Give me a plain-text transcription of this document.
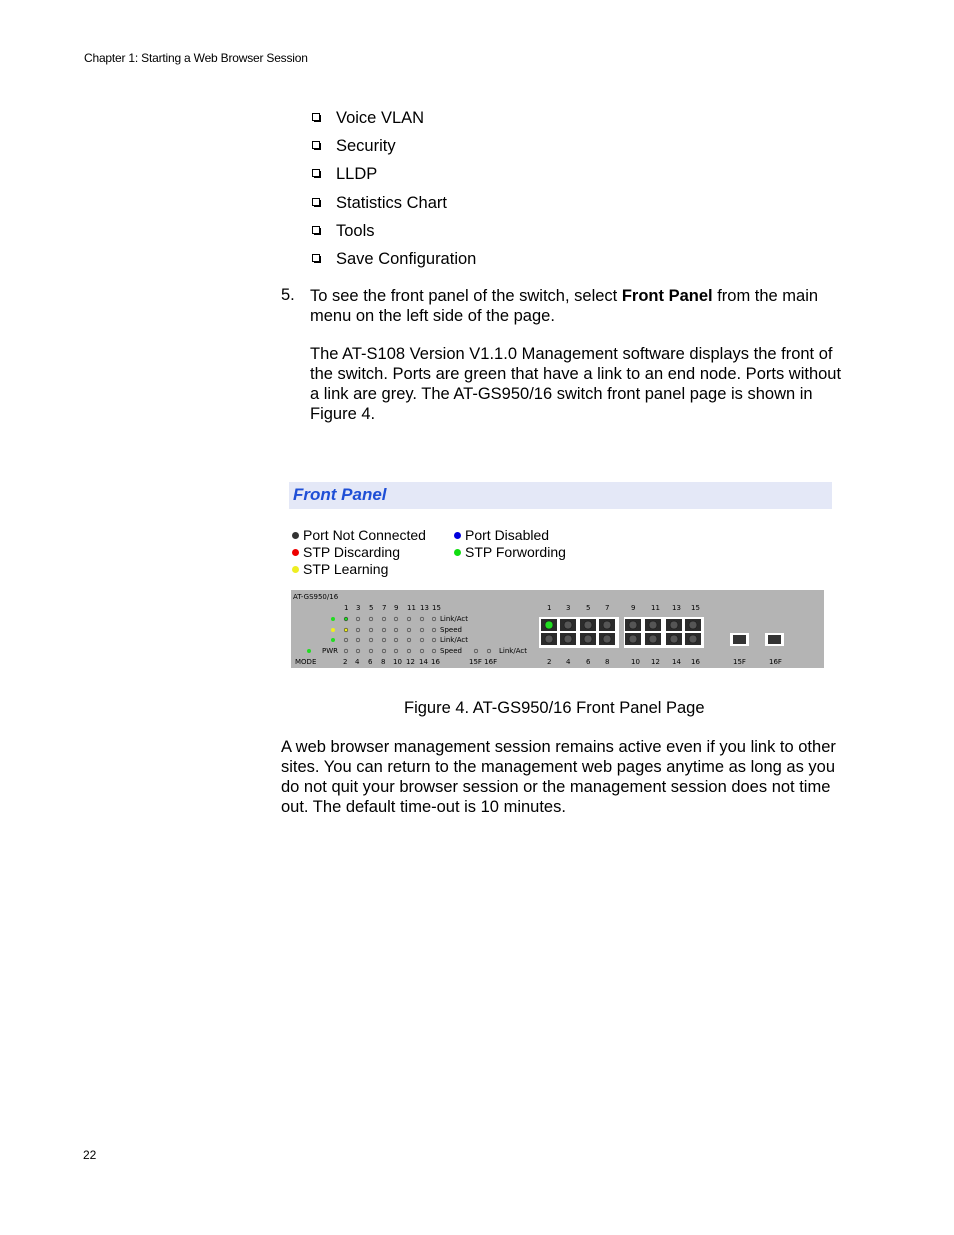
Chapter 1: Starting a Web Browser Session
Voice VLAN
Security
LLDP
Statistics Chart
Tools
Save Configuration
5. To see the front panel of the switch, select Front Panel from the main menu on the left side of the page.

The AT-S108 Version V1.1.0 Management software displays the front of the switch. Ports are green that have a link to an end node. Ports without a link are grey. The AT-GS950/16 switch front panel page is shown in
Figure 4.

Front Panel
Port Not Connected	Port Disabled
STP Discarding	STP Forwording
STP Learning
AT-GS950/16
1 3 5 7 9 11 13 15
2 4 6 8 10 12 14 16
Link/Act
Speed
Link/Act
Speed
PWR
MODE	15F 16F
Link/Act
1 3 5 7	9 11 13 15
2 4 6 8	10 12 14 16	15F	16F
Figure 4. AT-GS950/16 Front Panel Page

A web browser management session remains active even if you link to other sites. You can return to the management web pages anytime as long as you do not quit your browser session or the management session does not time out. The default time-out is 10 minutes.

22
